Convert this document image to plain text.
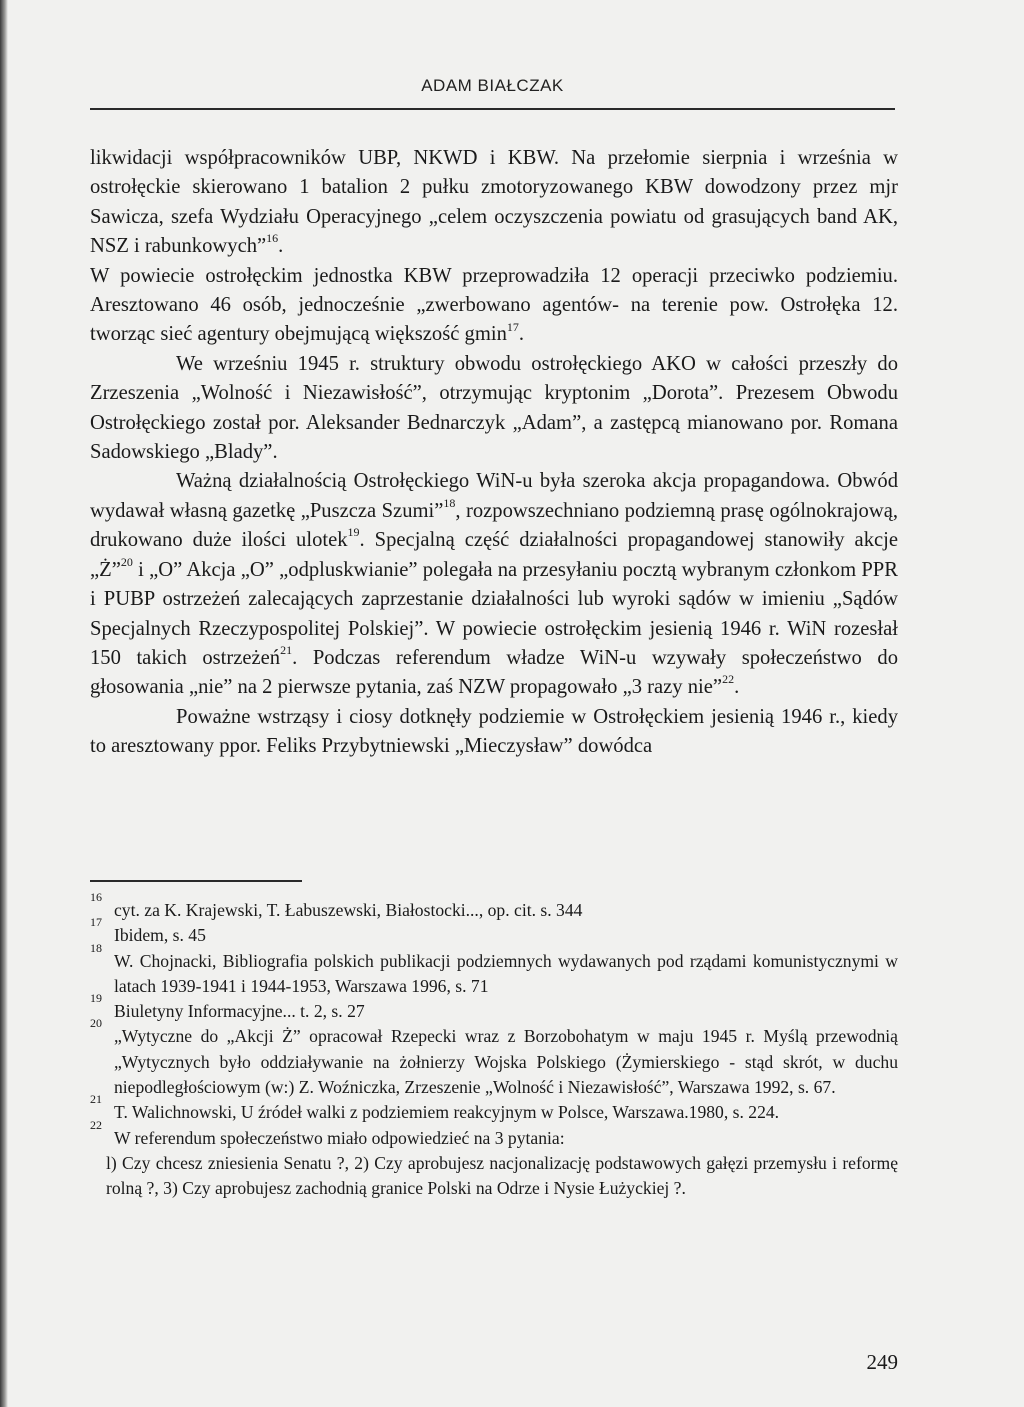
ADAM BIAŁCZAK

likwidacji współpracowników UBP, NKWD i KBW. Na przełomie sierpnia i września w ostrołęckie skierowano 1 batalion 2 pułku zmotoryzowanego KBW dowodzony przez mjr Sawicza, szefa Wydziału Operacyjnego „celem oczyszczenia powiatu od grasujących band AK, NSZ i rabunkowych”$^{16}$.

W powiecie ostrołęckim jednostka KBW przeprowadziła 12 operacji przeciwko podziemiu. Aresztowano 46 osób, jednocześnie „zwerbowano agentów- na terenie pow. Ostrołęka 12. tworząc sieć agentury obejmującą większość gmin$^{17}$.

We wrześniu 1945 r. struktury obwodu ostrołęckiego AKO w całości przeszły do Zrzeszenia „Wolność i Niezawisłość”, otrzymując kryptonim „Dorota”. Prezesem Obwodu Ostrołęckiego został por. Aleksander Bednarczyk „Adam”, a zastępcą mianowano por. Romana Sadowskiego „Blady”.

Ważną działalnością Ostrołęckiego WiN-u była szeroka akcja propagandowa. Obwód wydawał własną gazetkę „Puszcza Szumi”$^{18}$, rozpowszechniano podziemną prasę ogólnokrajową, drukowano duże ilości ulotek$^{19}$. Specjalną część działalności propagandowej stanowiły akcje „Ż”$^{20}$ i „O” Akcja „O” „odpluskwianie” polegała na przesyłaniu pocztą wybranym członkom PPR i PUBP ostrzeżeń zalecających zaprzestanie działalności lub wyroki sądów w imieniu „Sądów Specjalnych Rzeczypospolitej Polskiej”. W powiecie ostrołęckim jesienią 1946 r. WiN rozesłał 150 takich ostrzeżeń$^{21}$. Podczas referendum władze WiN-u wzywały społeczeństwo do głosowania „nie” na 2 pierwsze pytania, zaś NZW propagowało „3 razy nie”$^{22}$.

Poważne wstrząsy i ciosy dotknęły podziemie w Ostrołęckiem jesienią 1946 r., kiedy to aresztowany ppor. Feliks Przybytniewski „Mieczysław” dowódca

16
cyt. za K. Krajewski, T. Łabuszewski, Białostocki..., op. cit. s. 344
17
Ibidem, s. 45
18
W. Chojnacki, Bibliografia polskich publikacji podziemnych wydawanych pod rządami komunistycznymi w latach 1939-1941 i 1944-1953, Warszawa 1996, s. 71
19
Biuletyny Informacyjne... t. 2, s. 27
20
„Wytyczne do „Akcji Ż” opracował Rzepecki wraz z Borzobohatym w maju 1945 r. Myślą przewodnią „Wytycznych było oddziaływanie na żołnierzy Wojska Polskiego (Żymierskiego - stąd skrót, w duchu niepodległościowym (w:) Z. Woźniczka, Zrzeszenie „Wolność i Niezawisłość”, Warszawa 1992, s. 67.
21
T. Walichnowski, U źródeł walki z podziemiem reakcyjnym w Polsce, Warszawa.1980, s. 224.
22
W referendum społeczeństwo miało odpowiedzieć na 3 pytania:
l) Czy chcesz zniesienia Senatu ?, 2) Czy aprobujesz nacjonalizację podstawowych gałęzi przemysłu i reformę rolną ?, 3) Czy aprobujesz zachodnią granice Polski na Odrze i Nysie Łużyckiej ?.
249
